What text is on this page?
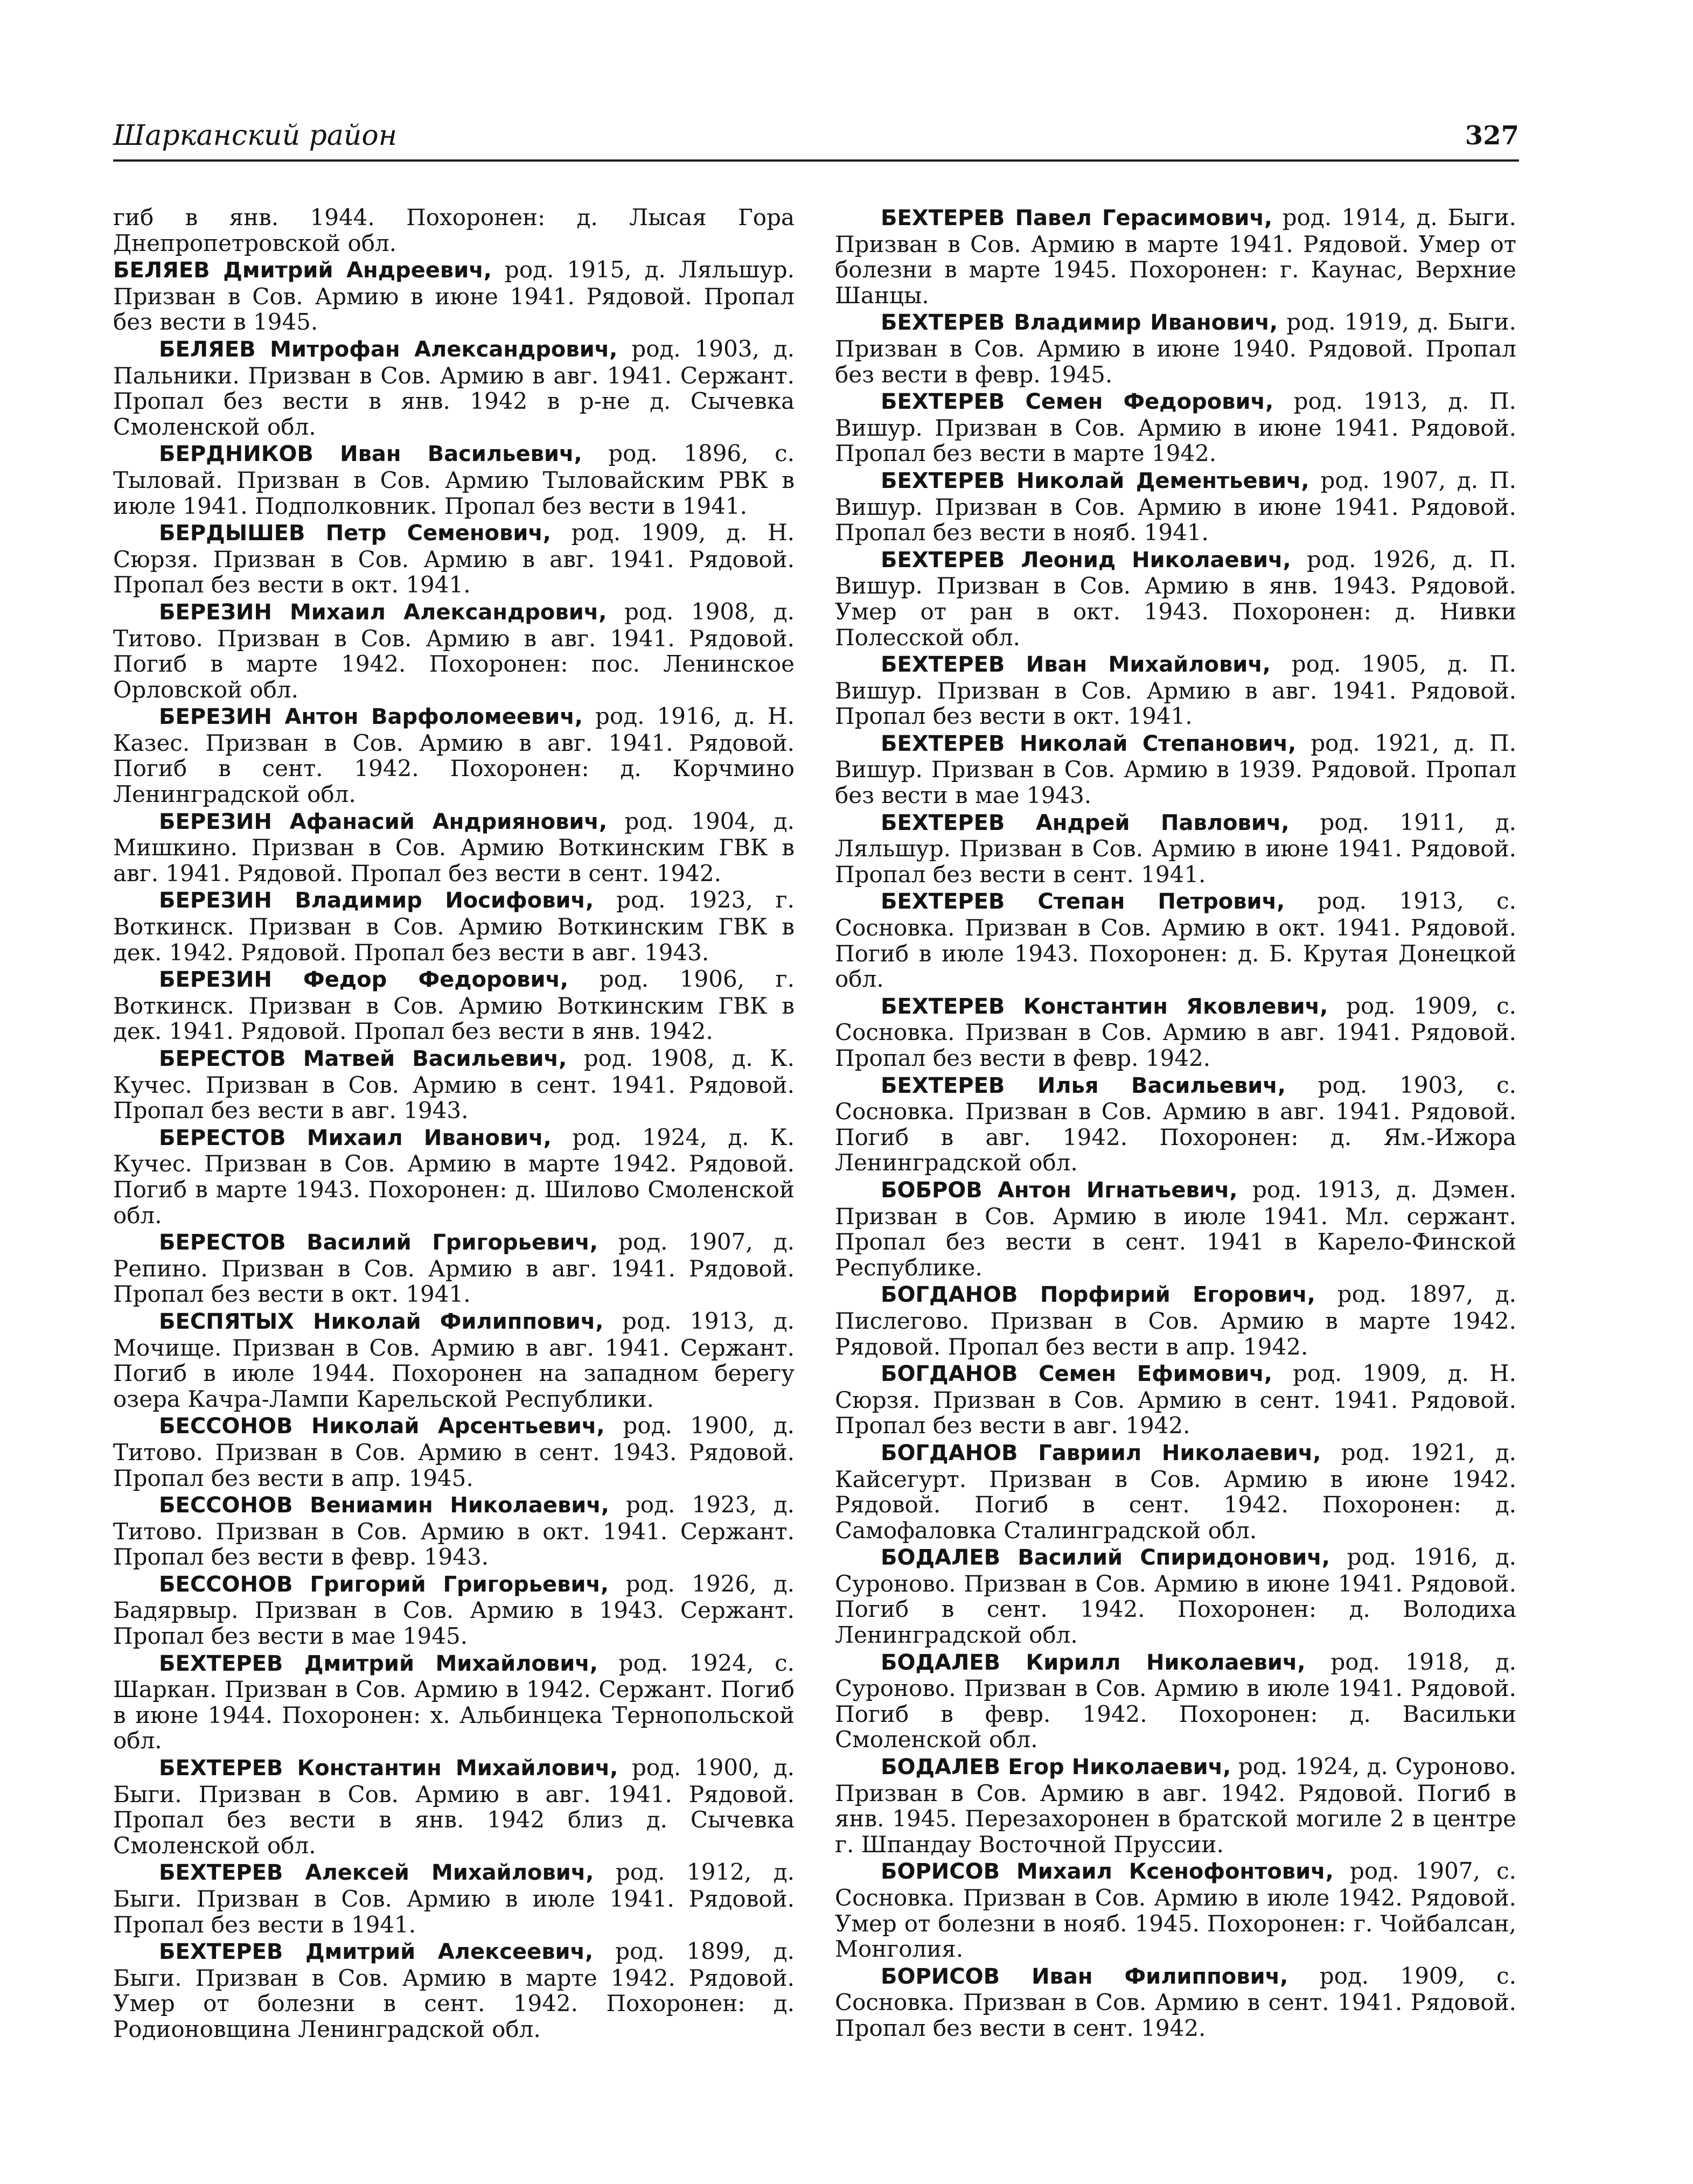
Шарканский район	327

гиб в янв. 1944. Похоронен: д. Лысая Гора Днепропетровской обл.

БЕЛЯЕВ Дмитрий Андреевич, род. 1915, д. Ляльшур. Призван в Сов. Армию в июне 1941. Рядовой. Пропал без вести в 1945.

БЕЛЯЕВ Митрофан Александрович, род. 1903, д. Пальники. Призван в Сов. Армию в авг. 1941. Сержант. Пропал без вести в янв. 1942 в р-не д. Сычевка Смоленской обл.

БЕРДНИКОВ Иван Васильевич, род. 1896, с. Тыловай. Призван в Сов. Армию Тыловайским РВК в июле 1941. Подполковник. Пропал без вести в 1941.

БЕРДЫШЕВ Петр Семенович, род. 1909, д. Н. Сюрзя. Призван в Сов. Армию в авг. 1941. Рядовой. Пропал без вести в окт. 1941.

БЕРЕЗИН Михаил Александрович, род. 1908, д. Титово. Призван в Сов. Армию в авг. 1941. Рядовой. Погиб в марте 1942. Похоронен: пос. Ленинское Орловской обл.

БЕРЕЗИН Антон Варфоломеевич, род. 1916, д. Н. Казес. Призван в Сов. Армию в авг. 1941. Рядовой. Погиб в сент. 1942. Похоронен: д. Корчмино Ленинградской обл.

БЕРЕЗИН Афанасий Андриянович, род. 1904, д. Мишкино. Призван в Сов. Армию Воткинским ГВК в авг. 1941. Рядовой. Пропал без вести в сент. 1942.

БЕРЕЗИН Владимир Иосифович, род. 1923, г. Воткинск. Призван в Сов. Армию Воткинским ГВК в дек. 1942. Рядовой. Пропал без вести в авг. 1943.

БЕРЕЗИН Федор Федорович, род. 1906, г. Воткинск. Призван в Сов. Армию Воткинским ГВК в дек. 1941. Рядовой. Пропал без вести в янв. 1942.

БЕРЕСТОВ Матвей Васильевич, род. 1908, д. К. Кучес. Призван в Сов. Армию в сент. 1941. Рядовой. Пропал без вести в авг. 1943.

БЕРЕСТОВ Михаил Иванович, род. 1924, д. К. Кучес. Призван в Сов. Армию в марте 1942. Рядовой. Погиб в марте 1943. Похоронен: д. Шилово Смоленской обл.

БЕРЕСТОВ Василий Григорьевич, род. 1907, д. Репино. Призван в Сов. Армию в авг. 1941. Рядовой. Пропал без вести в окт. 1941.

БЕСПЯТЫХ Николай Филиппович, род. 1913, д. Мочище. Призван в Сов. Армию в авг. 1941. Сержант. Погиб в июле 1944. Похоронен на западном берегу озера Качра-Лампи Карельской Республики.

БЕССОНОВ Николай Арсентьевич, род. 1900, д. Титово. Призван в Сов. Армию в сент. 1943. Рядовой. Пропал без вести в апр. 1945.

БЕССОНОВ Вениамин Николаевич, род. 1923, д. Титово. Призван в Сов. Армию в окт. 1941. Сержант. Пропал без вести в февр. 1943.

БЕССОНОВ Григорий Григорьевич, род. 1926, д. Бадярвыр. Призван в Сов. Армию в 1943. Сержант. Пропал без вести в мае 1945.

БЕХТЕРЕВ Дмитрий Михайлович, род. 1924, с. Шаркан. Призван в Сов. Армию в 1942. Сержант. Погиб в июне 1944. Похоронен: х. Альбинцека Тернопольской обл.

БЕХТЕРЕВ Константин Михайлович, род. 1900, д. Быги. Призван в Сов. Армию в авг. 1941. Рядовой. Пропал без вести в янв. 1942 близ д. Сычевка Смоленской обл.

БЕХТЕРЕВ Алексей Михайлович, род. 1912, д. Быги. Призван в Сов. Армию в июле 1941. Рядовой. Пропал без вести в 1941.

БЕХТЕРЕВ Дмитрий Алексеевич, род. 1899, д. Быги. Призван в Сов. Армию в марте 1942. Рядовой. Умер от болезни в сент. 1942. Похоронен: д. Родионовщина Ленинградской обл.

БЕХТЕРЕВ Павел Герасимович, род. 1914, д. Быги. Призван в Сов. Армию в марте 1941. Рядовой. Умер от болезни в марте 1945. Похоронен: г. Каунас, Верхние Шанцы.

БЕХТЕРЕВ Владимир Иванович, род. 1919, д. Быги. Призван в Сов. Армию в июне 1940. Рядовой. Пропал без вести в февр. 1945.

БЕХТЕРЕВ Семен Федорович, род. 1913, д. П. Вишур. Призван в Сов. Армию в июне 1941. Рядовой. Пропал без вести в марте 1942.

БЕХТЕРЕВ Николай Дементьевич, род. 1907, д. П. Вишур. Призван в Сов. Армию в июне 1941. Рядовой. Пропал без вести в нояб. 1941.

БЕХТЕРЕВ Леонид Николаевич, род. 1926, д. П. Вишур. Призван в Сов. Армию в янв. 1943. Рядовой. Умер от ран в окт. 1943. Похоронен: д. Нивки Полесской обл.

БЕХТЕРЕВ Иван Михайлович, род. 1905, д. П. Вишур. Призван в Сов. Армию в авг. 1941. Рядовой. Пропал без вести в окт. 1941.

БЕХТЕРЕВ Николай Степанович, род. 1921, д. П. Вишур. Призван в Сов. Армию в 1939. Рядовой. Пропал без вести в мае 1943.

БЕХТЕРЕВ Андрей Павлович, род. 1911, д. Ляльшур. Призван в Сов. Армию в июне 1941. Рядовой. Пропал без вести в сент. 1941.

БЕХТЕРЕВ Степан Петрович, род. 1913, с. Сосновка. Призван в Сов. Армию в окт. 1941. Рядовой. Погиб в июле 1943. Похоронен: д. Б. Крутая Донецкой обл.

БЕХТЕРЕВ Константин Яковлевич, род. 1909, с. Сосновка. Призван в Сов. Армию в авг. 1941. Рядовой. Пропал без вести в февр. 1942.

БЕХТЕРЕВ Илья Васильевич, род. 1903, с. Сосновка. Призван в Сов. Армию в авг. 1941. Рядовой. Погиб в авг. 1942. Похоронен: д. Ям.-Ижора Ленинградской обл.

БОБРОВ Антон Игнатьевич, род. 1913, д. Дэмен. Призван в Сов. Армию в июле 1941. Мл. сержант. Пропал без вести в сент. 1941 в Карело-Финской Республике.

БОГДАНОВ Порфирий Егорович, род. 1897, д. Пислегово. Призван в Сов. Армию в марте 1942. Рядовой. Пропал без вести в апр. 1942.

БОГДАНОВ Семен Ефимович, род. 1909, д. Н. Сюрзя. Призван в Сов. Армию в сент. 1941. Рядовой. Пропал без вести в авг. 1942.

БОГДАНОВ Гавриил Николаевич, род. 1921, д. Кайсегурт. Призван в Сов. Армию в июне 1942. Рядовой. Погиб в сент. 1942. Похоронен: д. Самофаловка Сталинградской обл.

БОДАЛЕВ Василий Спиридонович, род. 1916, д. Суроново. Призван в Сов. Армию в июне 1941. Рядовой. Погиб в сент. 1942. Похоронен: д. Володиха Ленинградской обл.

БОДАЛЕВ Кирилл Николаевич, род. 1918, д. Суроново. Призван в Сов. Армию в июле 1941. Рядовой. Погиб в февр. 1942. Похоронен: д. Васильки Смоленской обл.

БОДАЛЕВ Егор Николаевич, род. 1924, д. Суроново. Призван в Сов. Армию в авг. 1942. Рядовой. Погиб в янв. 1945. Перезахоронен в братской могиле 2 в центре г. Шпандау Восточной Пруссии.

БОРИСОВ Михаил Ксенофонтович, род. 1907, с. Сосновка. Призван в Сов. Армию в июле 1942. Рядовой. Умер от болезни в нояб. 1945. Похоронен: г. Чойбалсан, Монголия.

БОРИСОВ Иван Филиппович, род. 1909, с. Сосновка. Призван в Сов. Армию в сент. 1941. Рядовой. Пропал без вести в сент. 1942.
